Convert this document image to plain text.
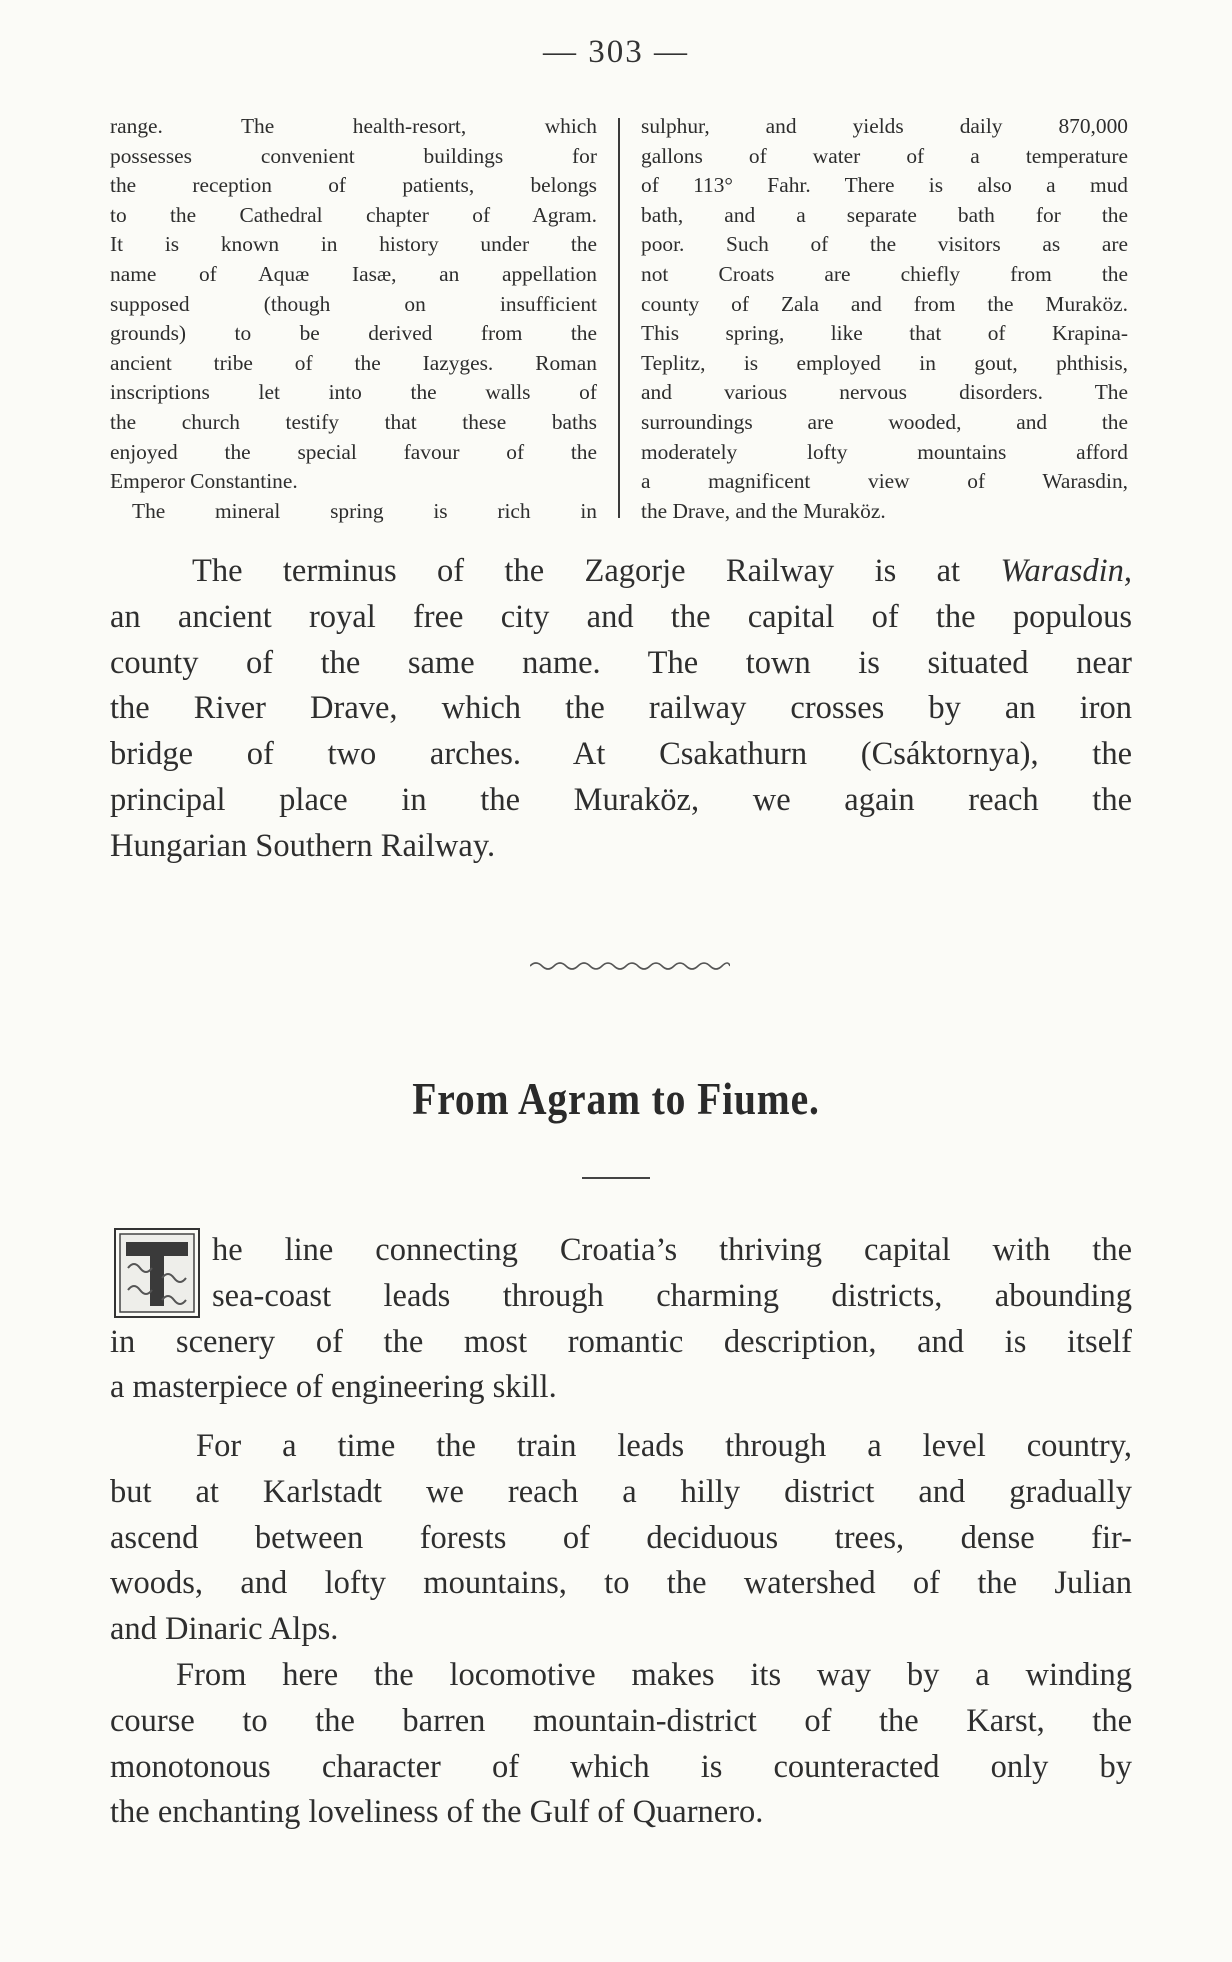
— 303 —
range. The health-resort, which
possesses convenient buildings for
the reception of patients, belongs
to the Cathedral chapter of Agram.
It is known in history under the
name of Aquæ Iasæ, an appellation
supposed (though on insufficient
grounds) to be derived from the
ancient tribe of the Iazyges. Roman
inscriptions let into the walls of
the church testify that these baths
enjoyed the special favour of the
Emperor Constantine.
The mineral spring is rich in
sulphur, and yields daily 870,000
gallons of water of a temperature
of 113° Fahr. There is also a mud
bath, and a separate bath for the
poor. Such of the visitors as are
not Croats are chiefly from the
county of Zala and from the Muraköz.
This spring, like that of Krapina-
Teplitz, is employed in gout, phthisis,
and various nervous disorders. The
surroundings are wooded, and the
moderately lofty mountains afford
a magnificent view of Warasdin,
the Drave, and the Muraköz.
The terminus of the Zagorje Railway is at Warasdin,
an ancient royal free city and the capital of the populous
county of the same name. The town is situated near
the River Drave, which the railway crosses by an iron
bridge of two arches. At Csakathurn (Csáktornya), the
principal place in the Muraköz, we again reach the
Hungarian Southern Railway.
From Agram to Fiume.
he line connecting Croatia’s thriving capital with the
sea-coast leads through charming districts, abounding
in scenery of the most romantic description, and is itself
a masterpiece of engineering skill.
For a time the train leads through a level country,
but at Karlstadt we reach a hilly district and gradually
ascend between forests of deciduous trees, dense fir-
woods, and lofty mountains, to the watershed of the Julian
and Dinaric Alps.
From here the locomotive makes its way by a winding
course to the barren mountain-district of the Karst, the
monotonous character of which is counteracted only by
the enchanting loveliness of the Gulf of Quarnero.
